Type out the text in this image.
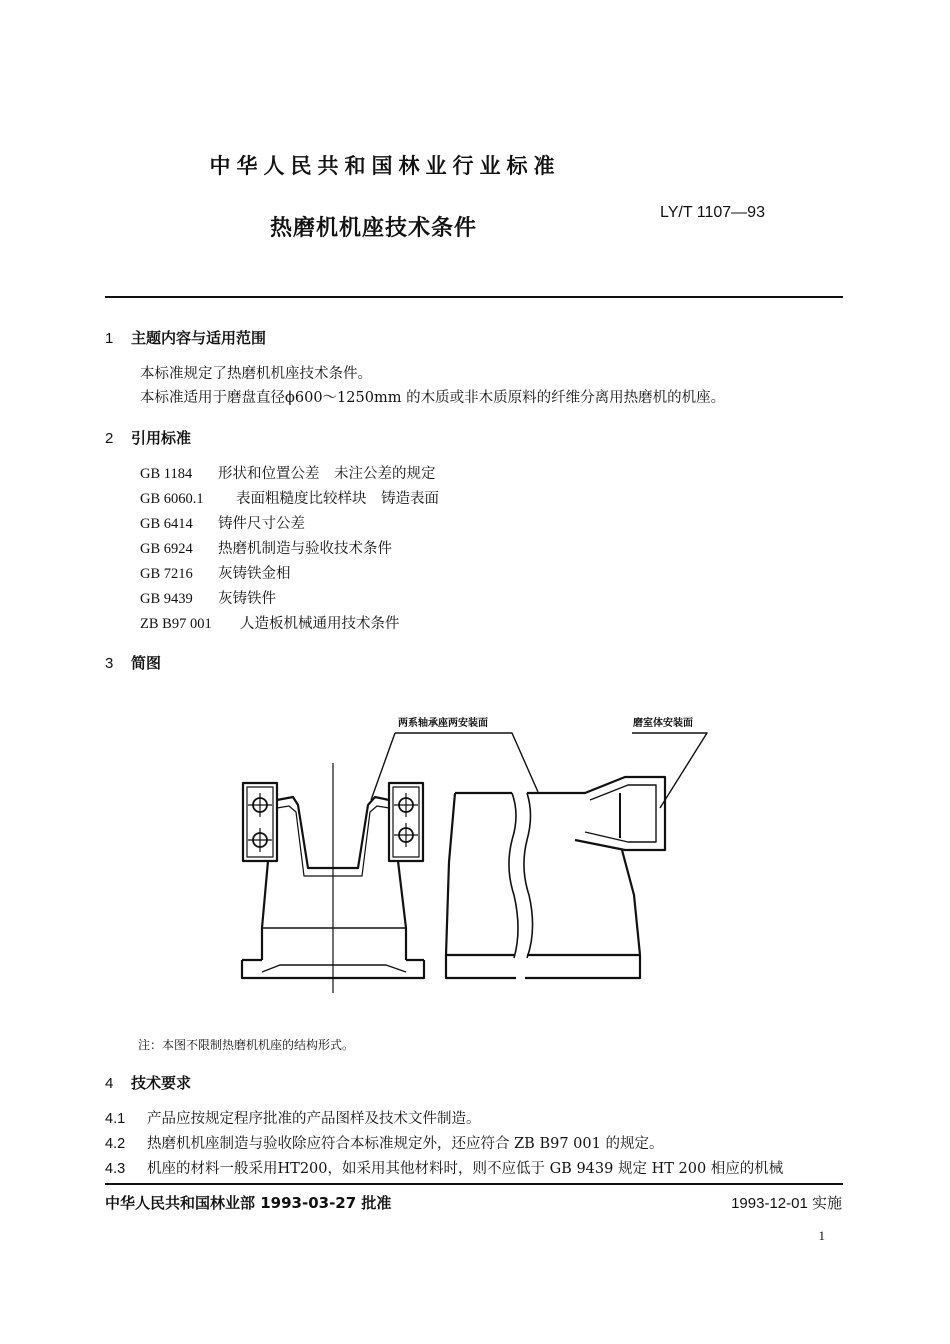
中华人民共和国林业行业标准
热磨机机座技术条件
LY/T 1107—93
1 主题内容与适用范围
本标准规定了热磨机机座技术条件。
本标准适用于磨盘直径ϕ600～1250mm 的木质或非木质原料的纤维分离用热磨机的机座。
2 引用标准
GB 1184 形状和位置公差　未注公差的规定
GB 6060.1 表面粗糙度比较样块　铸造表面
GB 6414 铸件尺寸公差
GB 6924 热磨机制造与验收技术条件
GB 7216 灰铸铁金相
GB 9439 灰铸铁件
ZB B97 001 人造板机械通用技术条件
3 简图
两系轴承座两安装面	磨室体安装面
注：本图不限制热磨机机座的结构形式。
4 技术要求
4.1 产品应按规定程序批准的产品图样及技术文件制造。
4.2 热磨机机座制造与验收除应符合本标准规定外，还应符合 ZB B97 001 的规定。
4.3 机座的材料一般采用HT200，如采用其他材料时，则不应低于 GB 9439 规定 HT 200 相应的机械
中华人民共和国林业部 1993-03-27 批准	1993-12-01 实施
1
